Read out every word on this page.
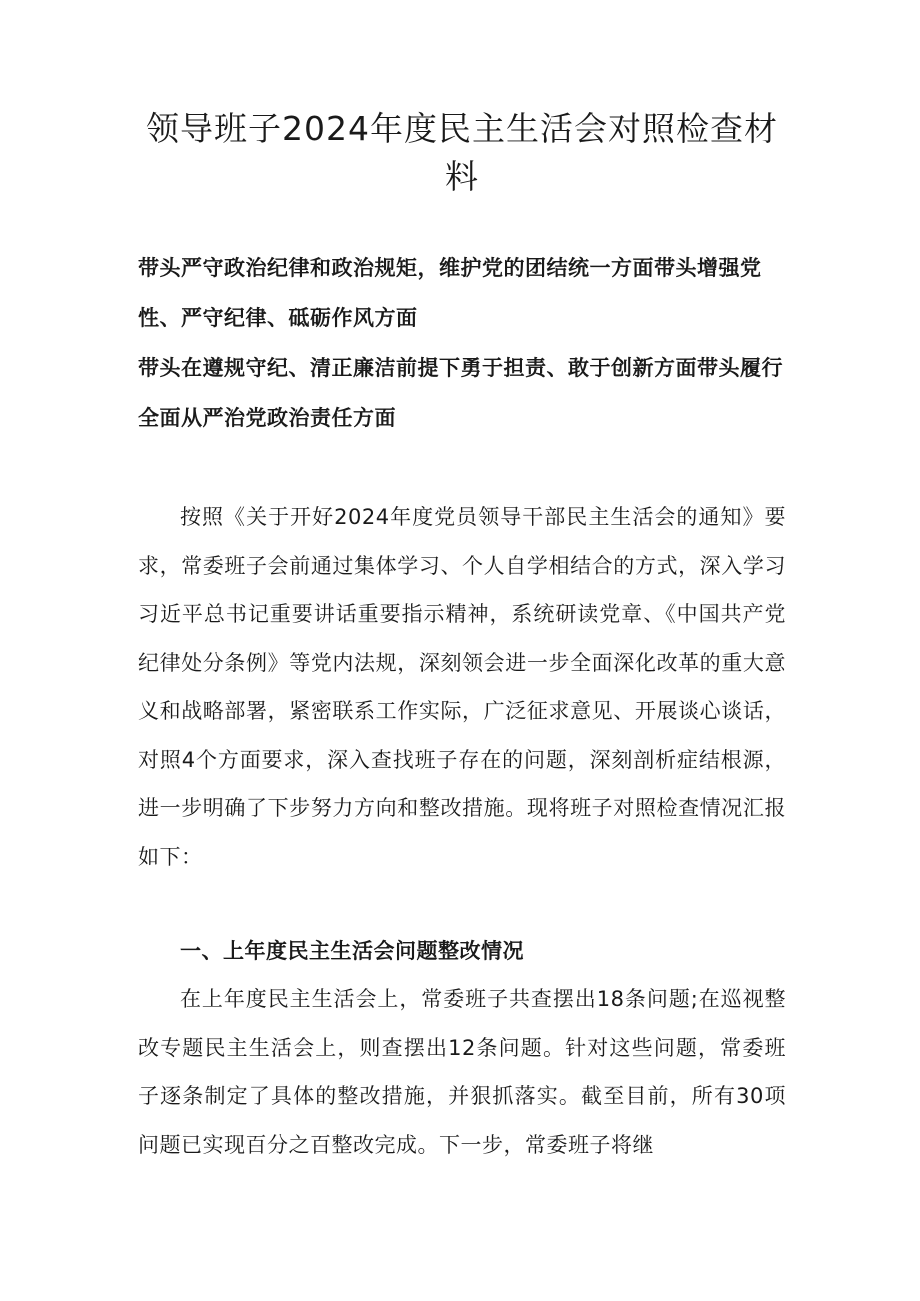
领导班子2024年度民主生活会对照检查材料

带头严守政治纪律和政治规矩，维护党的团结统一方面带头增强党性、严守纪律、砥砺作风方面

带头在遵规守纪、清正廉洁前提下勇于担责、敢于创新方面带头履行全面从严治党政治责任方面

按照《关于开好2024年度党员领导干部民主生活会的通知》要求，常委班子会前通过集体学习、个人自学相结合的方式，深入学习习近平总书记重要讲话重要指示精神，系统研读党章、《中国共产党纪律处分条例》等党内法规，深刻领会进一步全面深化改革的重大意义和战略部署，紧密联系工作实际，广泛征求意见、开展谈心谈话，对照4个方面要求，深入查找班子存在的问题，深刻剖析症结根源，进一步明确了下步努力方向和整改措施。现将班子对照检查情况汇报如下：

一、上年度民主生活会问题整改情况

在上年度民主生活会上，常委班子共查摆出18条问题;在巡视整改专题民主生活会上，则查摆出12条问题。针对这些问题，常委班子逐条制定了具体的整改措施，并狠抓落实。截至目前，所有30项问题已实现百分之百整改完成。下一步，常委班子将继
